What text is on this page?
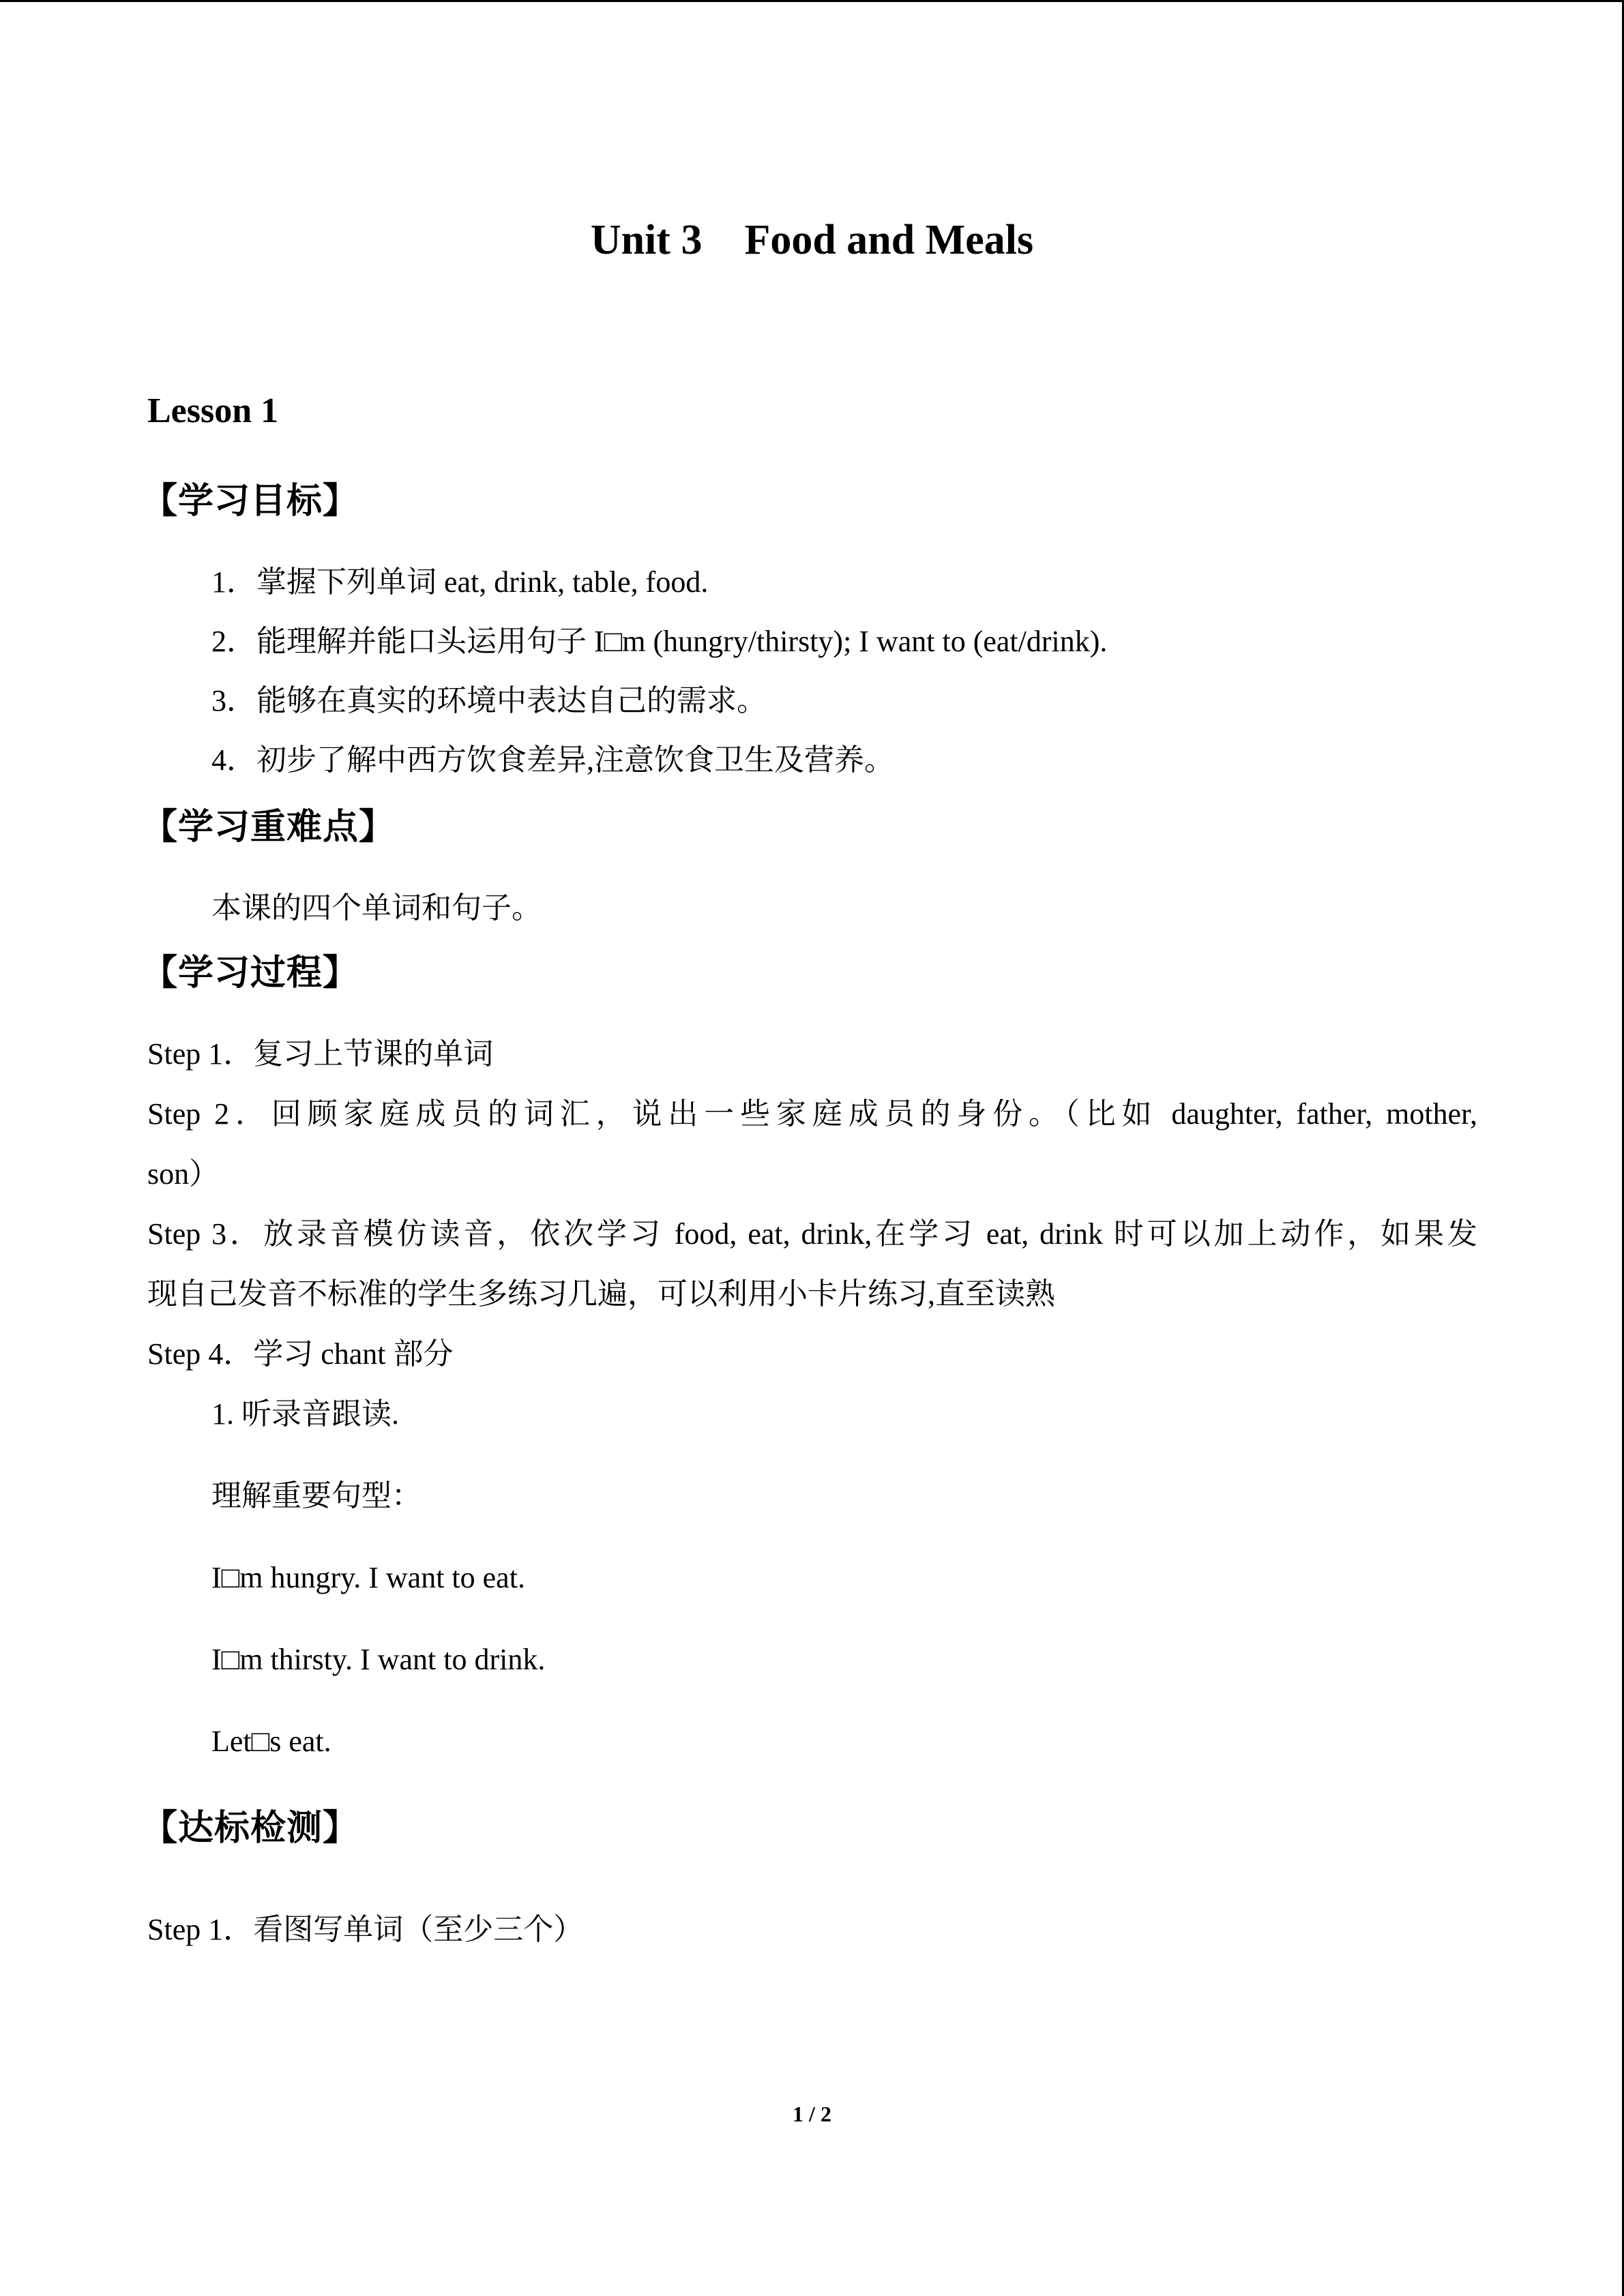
Unit 3    Food and Meals
Lesson 1
【学习目标】
1．掌握下列单词 eat, drink, table, food.
2．能理解并能口头运用句子 I□m (hungry/thirsty); I want to (eat/drink).
3．能够在真实的环境中表达自己的需求。
4．初步了解中西方饮食差异,注意饮食卫生及营养。
【学习重难点】
本课的四个单词和句子。
【学习过程】
Step 1．复习上节课的单词
Step 2．回顾家庭成员的词汇，说出一些家庭成员的身份。（比如 daughter, father, mother,
son）
Step 3．放录音模仿读音，依次学习 food, eat, drink,在学习 eat, drink 时可以加上动作，如果发
现自己发音不标准的学生多练习几遍，可以利用小卡片练习,直至读熟
Step 4．学习 chant 部分
1. 听录音跟读.
理解重要句型：
I□m hungry. I want to eat.
I□m thirsty. I want to drink.
Let□s eat.
【达标检测】
Step 1．看图写单词（至少三个）
1 / 2
